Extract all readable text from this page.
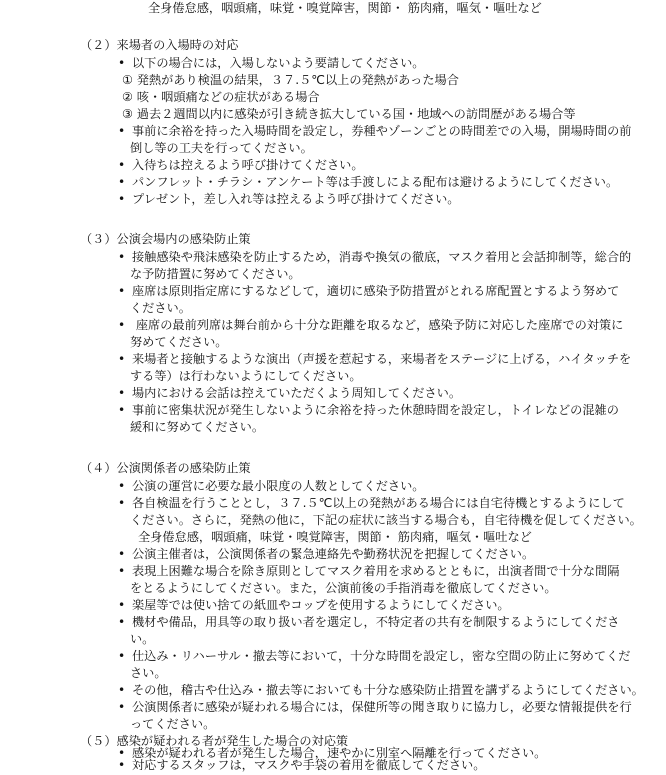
全身倦怠感，咽頭痛，味覚・嗅覚障害，関節・ 筋肉痛，嘔気・嘔吐など
（２）来場者の入場時の対応
• 以下の場合には，入場しないよう要請してください。
① 発熱があり検温の結果，３７.５℃以上の発熱があった場合
② 咳・咽頭痛などの症状がある場合
③ 過去２週間以内に感染が引き続き拡大している国・地域への訪問歴がある場合等
• 事前に余裕を持った入場時間を設定し，券種やゾーンごとの時間差での入場，開場時間の前
倒し等の工夫を行ってください。
• 入待ちは控えるよう呼び掛けてください。
• パンフレット・チラシ・アンケート等は手渡しによる配布は避けるようにしてください。
• プレゼント，差し入れ等は控えるよう呼び掛けてください。
（３）公演会場内の感染防止策
• 接触感染や飛沫感染を防止するため，消毒や換気の徹底，マスク着用と会話抑制等，総合的
な予防措置に努めてください。
• 座席は原則指定席にするなどして，適切に感染予防措置がとれる席配置とするよう努めて
ください。
• 座席の最前列席は舞台前から十分な距離を取るなど，感染予防に対応した座席での対策に
努めてください。
• 来場者と接触するような演出（声援を惹起する，来場者をステージに上げる，ハイタッチを
する等）は行わないようにしてください。
• 場内における会話は控えていただくよう周知してください。
• 事前に密集状況が発生しないように余裕を持った休憩時間を設定し，トイレなどの混雑の
緩和に努めてください。
（４）公演関係者の感染防止策
• 公演の運営に必要な最小限度の人数としてください。
• 各自検温を行うこととし，３７.５℃以上の発熱がある場合には自宅待機とするようにして
ください。さらに，発熱の他に，下記の症状に該当する場合も，自宅待機を促してください。
全身倦怠感，咽頭痛，味覚・嗅覚障害，関節・ 筋肉痛，嘔気・嘔吐など
• 公演主催者は，公演関係者の緊急連絡先や勤務状況を把握してください。
• 表現上困難な場合を除き原則としてマスク着用を求めるとともに，出演者間で十分な間隔
をとるようにしてください。また，公演前後の手指消毒を徹底してください。
• 楽屋等では使い捨ての紙皿やコップを使用するようにしてください。
• 機材や備品，用具等の取り扱い者を選定し，不特定者の共有を制限するようにしてくださ
い。
• 仕込み・リハーサル・撤去等において，十分な時間を設定し，密な空間の防止に努めてくだ
さい。
• その他，稽古や仕込み・撤去等においても十分な感染防止措置を講ずるようにしてください。
• 公演関係者に感染が疑われる場合には，保健所等の聞き取りに協力し，必要な情報提供を行
ってください。
（５）感染が疑われる者が発生した場合の対応策
• 感染が疑われる者が発生した場合，速やかに別室へ隔離を行ってください。
• 対応するスタッフは，マスクや手袋の着用を徹底してください。
